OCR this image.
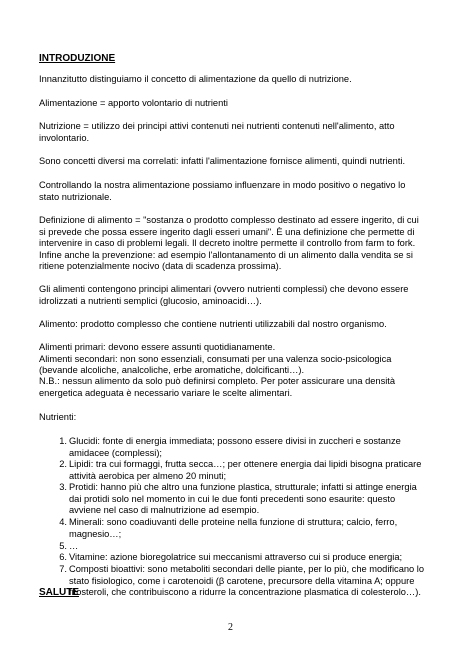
INTRODUZIONE

Innanzitutto distinguiamo il concetto di alimentazione da quello di nutrizione.

Alimentazione = apporto volontario di nutrienti

Nutrizione = utilizzo dei principi attivi contenuti nei nutrienti contenuti nell'alimento, atto involontario.

Sono concetti diversi ma correlati: infatti l'alimentazione fornisce alimenti, quindi nutrienti.

Controllando la nostra alimentazione possiamo influenzare in modo positivo o negativo lo stato nutrizionale.

Definizione di alimento = "sostanza o prodotto complesso destinato ad essere ingerito, di cui si prevede che possa essere ingerito dagli esseri umani". È una definizione che permette di intervenire in caso di problemi legali. Il decreto inoltre permette il controllo from farm to fork. Infine anche la prevenzione: ad esempio l'allontanamento di un alimento dalla vendita se si ritiene potenzialmente nocivo (data di scadenza prossima).

Gli alimenti contengono principi alimentari (ovvero nutrienti complessi) che devono essere idrolizzati a nutrienti semplici (glucosio, aminoacidi…).

Alimento: prodotto complesso che contiene nutrienti utilizzabili dal nostro organismo.

Alimenti primari: devono essere assunti quotidianamente.
Alimenti secondari: non sono essenziali, consumati per una valenza socio-psicologica (bevande alcoliche, analcoliche, erbe aromatiche, dolcificanti…).

N.B.: nessun alimento da solo può definirsi completo. Per poter assicurare una densità energetica adeguata è necessario variare le scelte alimentari.

Nutrienti:

1. Glucidi: fonte di energia immediata; possono essere divisi in zuccheri e sostanze amidacee (complessi);
2. Lipidi: tra cui formaggi, frutta secca…; per ottenere energia dai lipidi bisogna praticare attività aerobica per almeno 20 minuti;
3. Protidi: hanno più che altro una funzione plastica, strutturale; infatti si attinge energia dai protidi solo nel momento in cui le due fonti precedenti sono esaurite: questo avviene nel caso di malnutrizione ad esempio.
4. Minerali: sono coadiuvanti delle proteine nella funzione di struttura; calcio, ferro, magnesio…;
5. …
6. Vitamine: azione bioregolatrice sui meccanismi attraverso cui si produce energia;
7. Composti bioattivi: sono metaboliti secondari delle piante, per lo più, che modificano lo stato fisiologico, come i carotenoidi (β carotene, precursore della vitamina A; oppure fitosteroli, che contribuiscono a ridurre la concentrazione plasmatica di colesterolo…).

SALUTE

2
